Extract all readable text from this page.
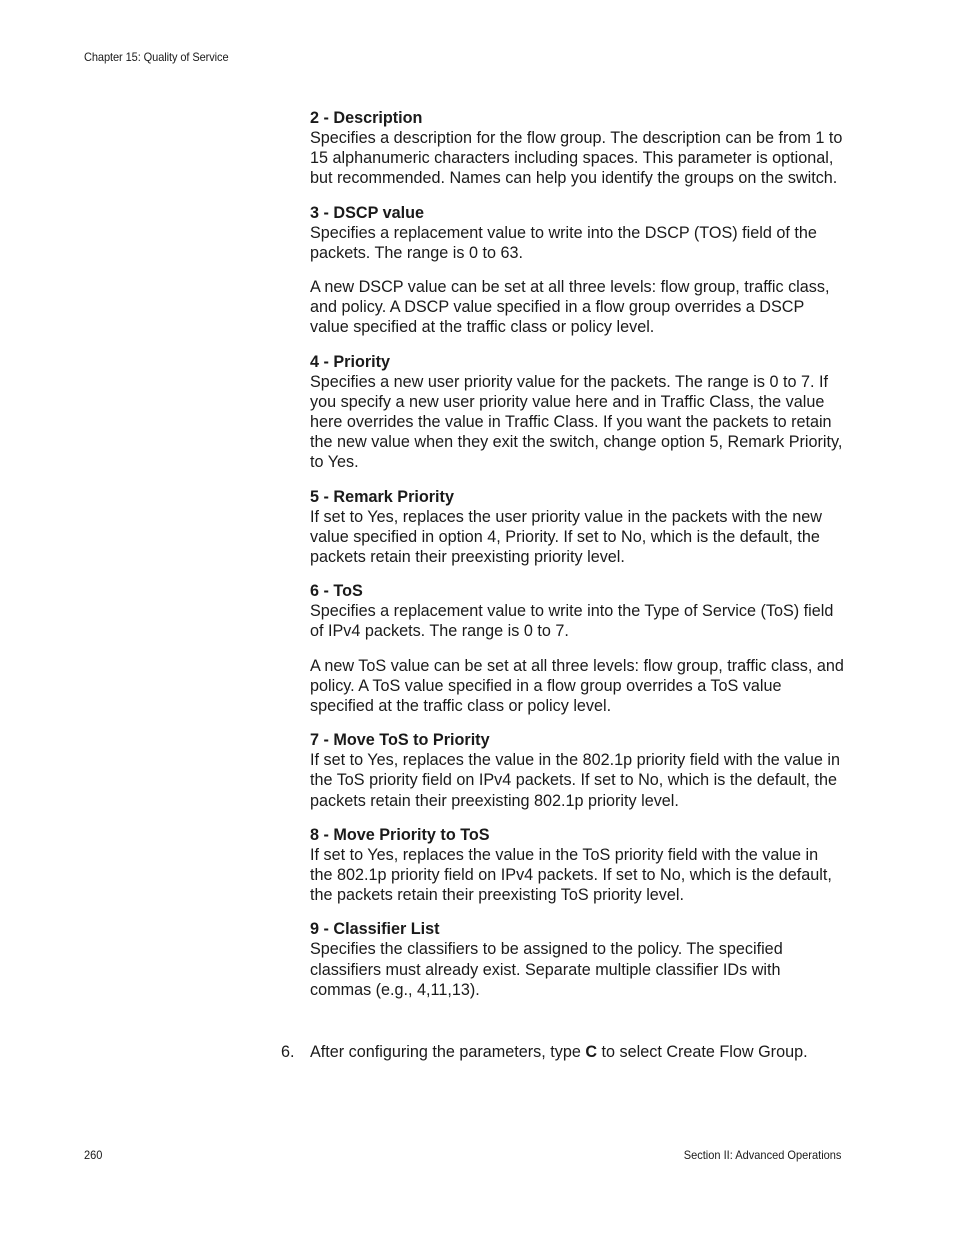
Chapter 15: Quality of Service
2 - Description
Specifies a description for the flow group. The description can be from 1 to 15 alphanumeric characters including spaces. This parameter is optional, but recommended. Names can help you identify the groups on the switch.
3 - DSCP value
Specifies a replacement value to write into the DSCP (TOS) field of the packets. The range is 0 to 63.
A new DSCP value can be set at all three levels: flow group, traffic class, and policy. A DSCP value specified in a flow group overrides a DSCP value specified at the traffic class or policy level.
4 - Priority
Specifies a new user priority value for the packets. The range is 0 to 7. If you specify a new user priority value here and in Traffic Class, the value here overrides the value in Traffic Class. If you want the packets to retain the new value when they exit the switch, change option 5, Remark Priority, to Yes.
5 - Remark Priority
If set to Yes, replaces the user priority value in the packets with the new value specified in option 4, Priority. If set to No, which is the default, the packets retain their preexisting priority level.
6 - ToS
Specifies a replacement value to write into the Type of Service (ToS) field of IPv4 packets. The range is 0 to 7.
A new ToS value can be set at all three levels: flow group, traffic class, and policy. A ToS value specified in a flow group overrides a ToS value specified at the traffic class or policy level.
7 - Move ToS to Priority
If set to Yes, replaces the value in the 802.1p priority field with the value in the ToS priority field on IPv4 packets. If set to No, which is the default, the packets retain their preexisting 802.1p priority level.
8 - Move Priority to ToS
If set to Yes, replaces the value in the ToS priority field with the value in the 802.1p priority field on IPv4 packets. If set to No, which is the default, the packets retain their preexisting ToS priority level.
9 - Classifier List
Specifies the classifiers to be assigned to the policy. The specified classifiers must already exist. Separate multiple classifier IDs with commas (e.g., 4,11,13).
6. After configuring the parameters, type C to select Create Flow Group.
260	Section II: Advanced Operations
